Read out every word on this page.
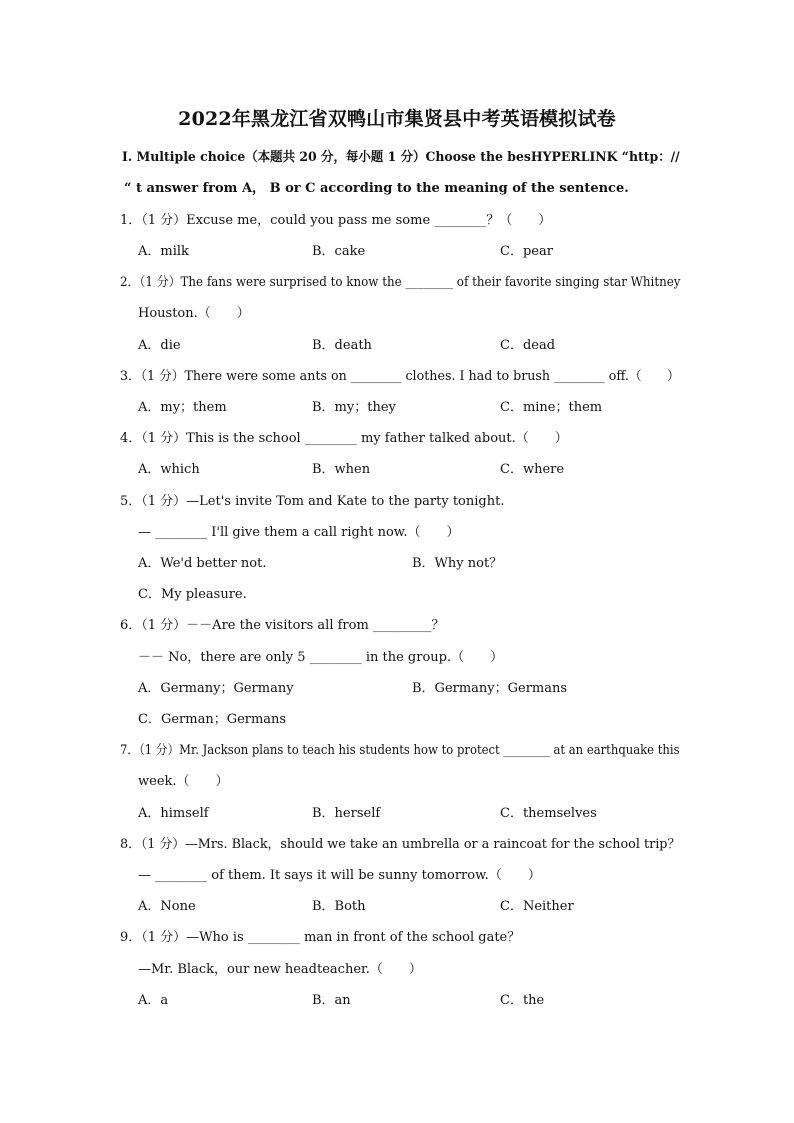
2022年黑龙江省双鸭山市集贤县中考英语模拟试卷
Ⅰ. Multiple choice（本题共 20 分，每小题 1 分）Choose the besHYPERLINK “http：//
“ t answer from A， B or C according to the meaning of the sentence.
1．（1 分）Excuse me，could you pass me some ________？（　　）
A．milk	B．cake	C．pear
2．（1 分）The fans were surprised to know the ________ of their favorite singing star Whitney
Houston.（　　）
A．die	B．death	C．dead
3．（1 分）There were some ants on ________ clothes. I had to brush ________ off.（　　）
A．my；them	B．my；they	C．mine；them
4．（1 分）This is the school ________ my father talked about.（　　）
A．which	B．when	C．where
5．（1 分）—Let's invite Tom and Kate to the party tonight.
— ________ I'll give them a call right now.（　　）
A．We'd better not.	B．Why not？
C．My pleasure.
6．（1 分）－－Are the visitors all from _________？
－－ No，there are only 5 ________ in the group.（　　）
A．Germany；Germany	B．Germany；Germans
C．German；Germans
7．（1 分）Mr. Jackson plans to teach his students how to protect ________ at an earthquake this
week.（　　）
A．himself	B．herself	C．themselves
8．（1 分）—Mrs. Black，should we take an umbrella or a raincoat for the school trip？
— ________ of them. It says it will be sunny tomorrow.（　　）
A．None	B．Both	C．Neither
9．（1 分）—Who is ________ man in front of the school gate？
—Mr. Black，our new headteacher.（　　）
A．a	B．an	C．the
